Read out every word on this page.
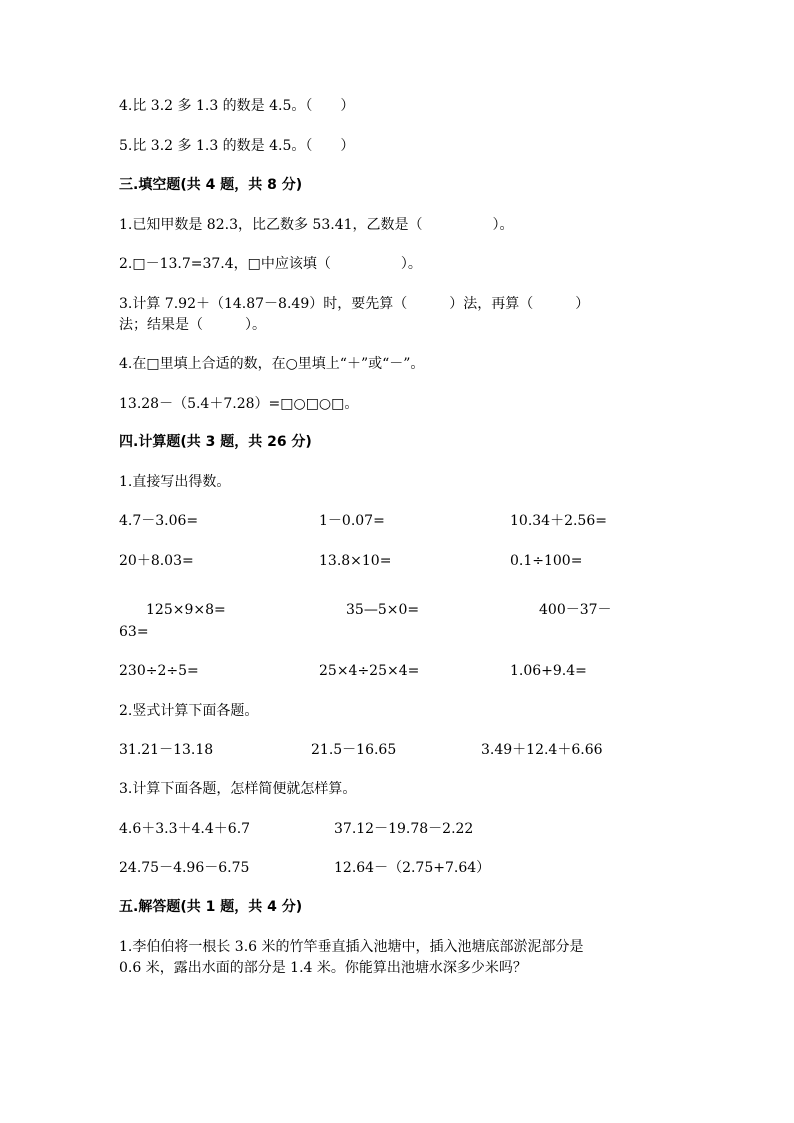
4.比 3.2 多 1.3 的数是 4.5。（　　）
5.比 3.2 多 1.3 的数是 4.5。（　　）
三.填空题(共 4 题，共 8 分)
1.已知甲数是 82.3，比乙数多 53.41，乙数是（　　　　　）。
2.□－13.7=37.4，□中应该填（　　　　　）。
3.计算 7.92＋（14.87－8.49）时，要先算（　　　）法，再算（　　　）
法；结果是（　　　）。
4.在□里填上合适的数，在○里填上“＋”或“－”。
13.28－（5.4＋7.28）=□○□○□。
四.计算题(共 3 题，共 26 分)
1.直接写出得数。
4.7－3.06=	1－0.07=	10.34＋2.56=
20＋8.03=	13.8×10=	0.1÷100=
125×9×8=	35—5×0=	400－37－
63=
230÷2÷5=	25×4÷25×4=	1.06+9.4=
2.竖式计算下面各题。
31.21－13.18	21.5－16.65	3.49＋12.4＋6.66
3.计算下面各题，怎样简便就怎样算。
4.6＋3.3＋4.4＋6.7	37.12－19.78－2.22
24.75－4.96－6.75	12.64－（2.75+7.64）
五.解答题(共 1 题，共 4 分)
1.李伯伯将一根长 3.6 米的竹竿垂直插入池塘中，插入池塘底部淤泥部分是
0.6 米，露出水面的部分是 1.4 米。你能算出池塘水深多少米吗？
